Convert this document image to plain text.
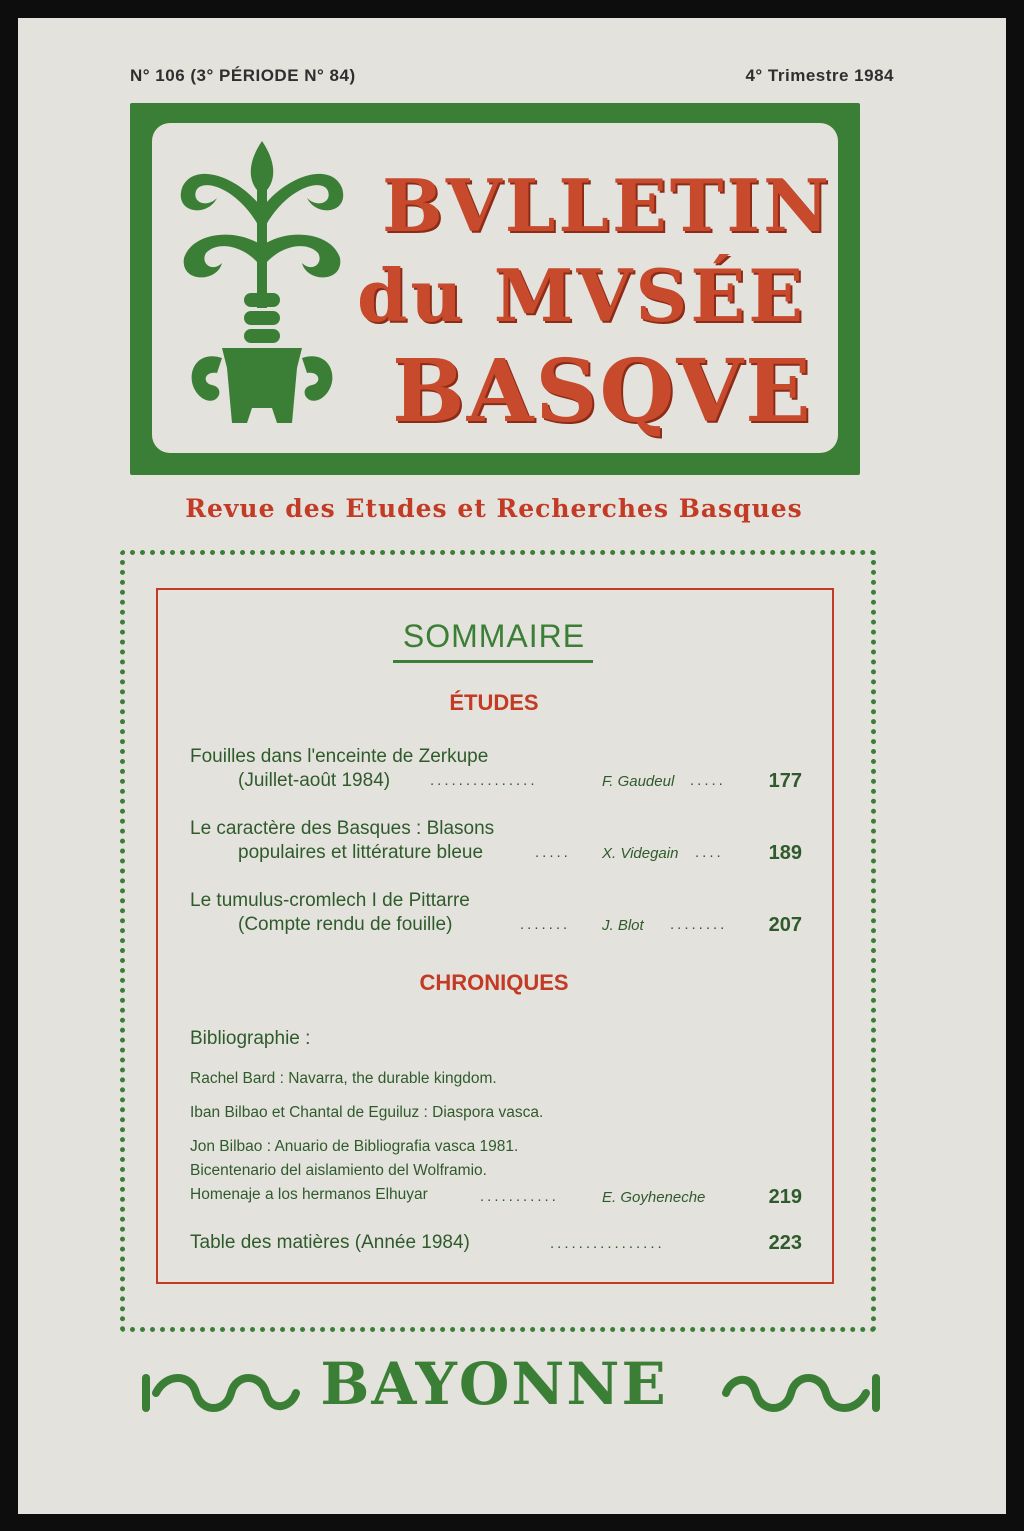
N° 106 (3° PÉRIODE N° 84)	4° Trimestre 1984
BVLLETIN
du MVSÉE
BASQVE
Revue des Etudes et Recherches Basques
SOMMAIRE
ÉTUDES
Fouilles dans l'enceinte de Zerkupe
(Juillet-août 1984)	...............	F. Gaudeul ..... 177
Le caractère des Basques : Blasons
populaires et littérature bleue	..... X. Videgain .... 189
Le tumulus-cromlech I de Pittarre
(Compte rendu de fouille)	....... J. Blot ........ 207
CHRONIQUES
Bibliographie :
Rachel Bard : Navarra, the durable kingdom.
Iban Bilbao et Chantal de Eguiluz : Diaspora vasca.
Jon Bilbao : Anuario de Bibliografia vasca 1981.
Bicentenario del aislamiento del Wolframio.
Homenaje a los hermanos Elhuyar	...........	E. Goyheneche	219
Table des matières (Année 1984)	................	223
BAYONNE
